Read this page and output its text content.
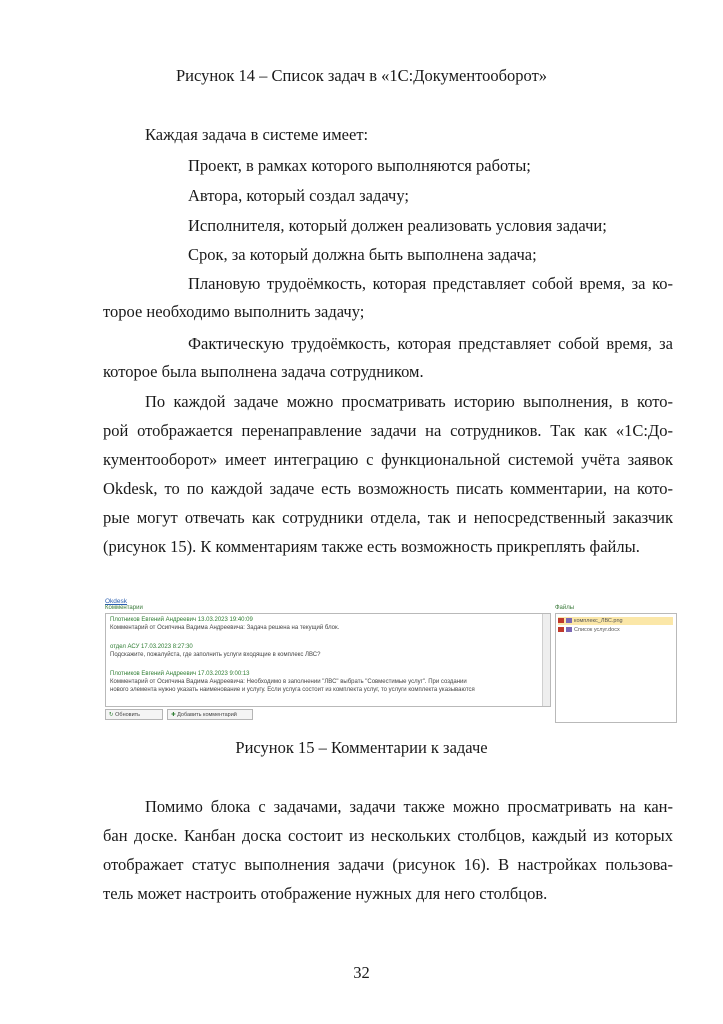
Рисунок 14 – Список задач в «1С:Документооборот»
Каждая задача в системе имеет:
Проект, в рамках которого выполняются работы;
Автора, который создал задачу;
Исполнителя, который должен реализовать условия задачи;
Срок, за который должна быть выполнена задача;
Плановую трудоёмкость, которая представляет собой время, за ко-
торое необходимо выполнить задачу;
Фактическую трудоёмкость, которая представляет собой время, за
которое была выполнена задача сотрудником.
По каждой задаче можно просматривать историю выполнения, в кото-
рой отображается перенаправление задачи на сотрудников. Так как «1С:До-
кументооборот» имеет интеграцию с функциональной системой учёта заявок
Okdesk, то по каждой задаче есть возможность писать комментарии, на кото-
рые могут отвечать как сотрудники отдела, так и непосредственный заказчик
(рисунок 15). К комментариям также есть возможность прикреплять файлы.
Okdesk
Комментарии
Плотников Евгений Андреевич 13.03.2023 19:40:09
Комментарий от Осипчина Вадима Андреевича: Задача решена на текущий блок.
отдел АСУ 17.03.2023 8:27:30
Подскажите, пожалуйста, где заполнить услуги входящие в комплекс ЛВС?
Плотников Евгений Андреевич 17.03.2023 9:00:13
Комментарий от Осипчина Вадима Андреевича: Необходимо в заполнении "ЛВС" выбрать "Совместимые услуг". При создании
нового элемента нужно указать наименование и услугу. Если услуга состоит из комплекта услуг, то услуги комплекта указываются
↻ Обновить	✚ Добавить комментарий
Файлы
комплекс_ЛВС.png
Список услуг.docx
Рисунок 15 – Комментарии к задаче
Помимо блока с задачами, задачи также можно просматривать на кан-
бан доске. Канбан доска состоит из нескольких столбцов, каждый из которых
отображает статус выполнения задачи (рисунок 16). В настройках пользова-
тель может настроить отображение нужных для него столбцов.
32
